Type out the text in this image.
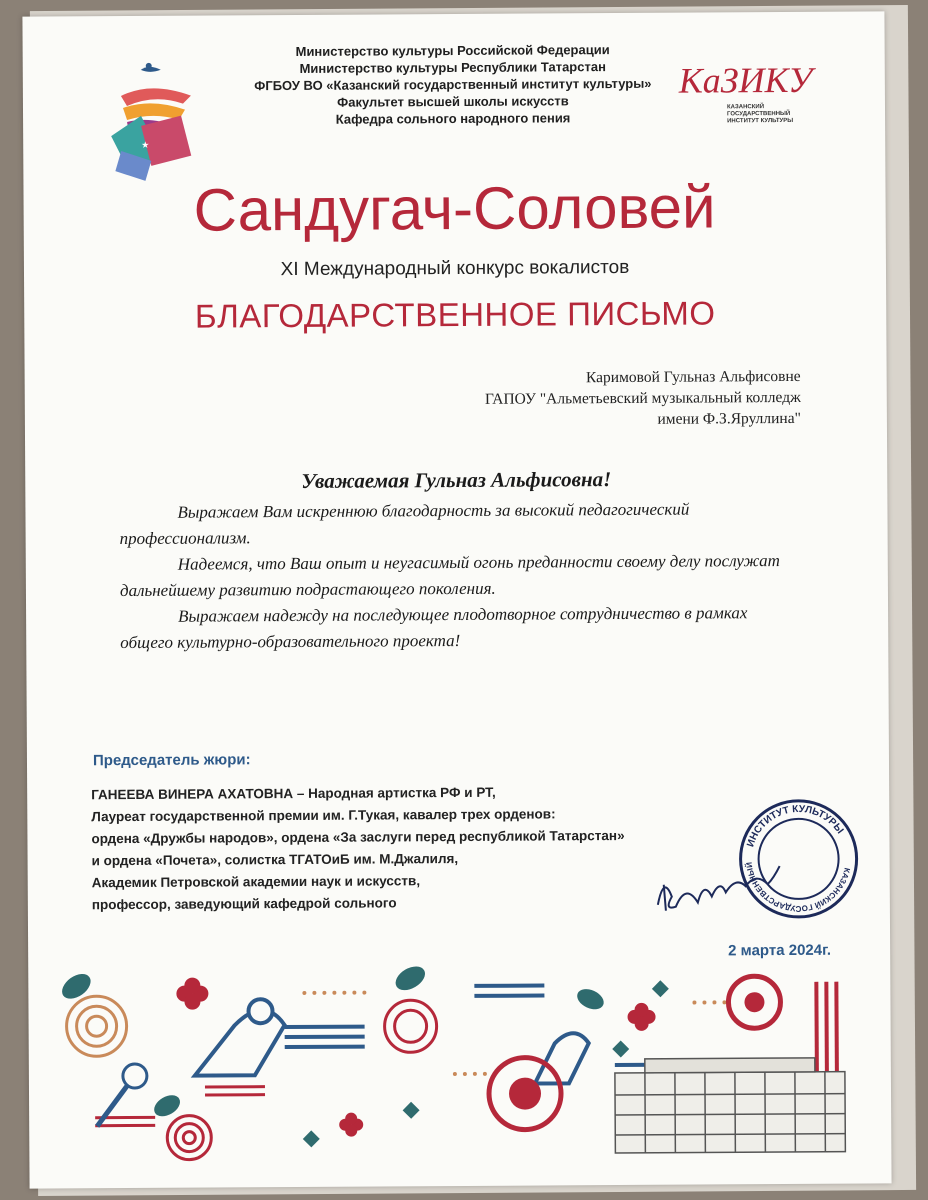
★
Министерство культуры Российской Федерации
Министерство культуры Республики Татарстан
ФГБОУ ВО «Казанский государственный институт культуры»
Факультет высшей школы искусств
Кафедра сольного народного пения
КаЗИКУ
КАЗАНСКИЙ
ГОСУДАРСТВЕННЫЙ
ИНСТИТУТ КУЛЬТУРЫ
Сандугач-Соловей
XI Международный конкурс вокалистов
БЛАГОДАРСТВЕННОЕ ПИСЬМО
Каримовой Гульназ Альфисовне
ГАПОУ "Альметьевский музыкальный колледж
имени Ф.З.Яруллина"
Уважаемая Гульназ Альфисовна!

Выражаем Вам искреннюю благодарность за высокий педагогический профессионализм.

Надеемся, что Ваш опыт и неугасимый огонь преданности своему делу послужат дальнейшему развитию подрастающего поколения.

Выражаем надежду на последующее плодотворное сотрудничество в рамках общего культурно-образовательного проекта!

Председатель жюри:
ГАНЕЕВА ВИНЕРА АХАТОВНА – Народная артистка РФ и РТ,
Лауреат государственной премии им. Г.Тукая, кавалер трех орденов:
ордена «Дружбы народов», ордена «За заслуги перед республикой Татарстан»
и ордена «Почета», солистка ТГАТОиБ им. М.Джалиля,
Академик Петровской академии наук и искусств,
профессор, заведующий кафедрой сольного
ИНСТИТУТ КУЛЬТУРЫ
КАЗАНСКИЙ ГОСУДАРСТВЕННЫЙ
2 марта 2024г.
